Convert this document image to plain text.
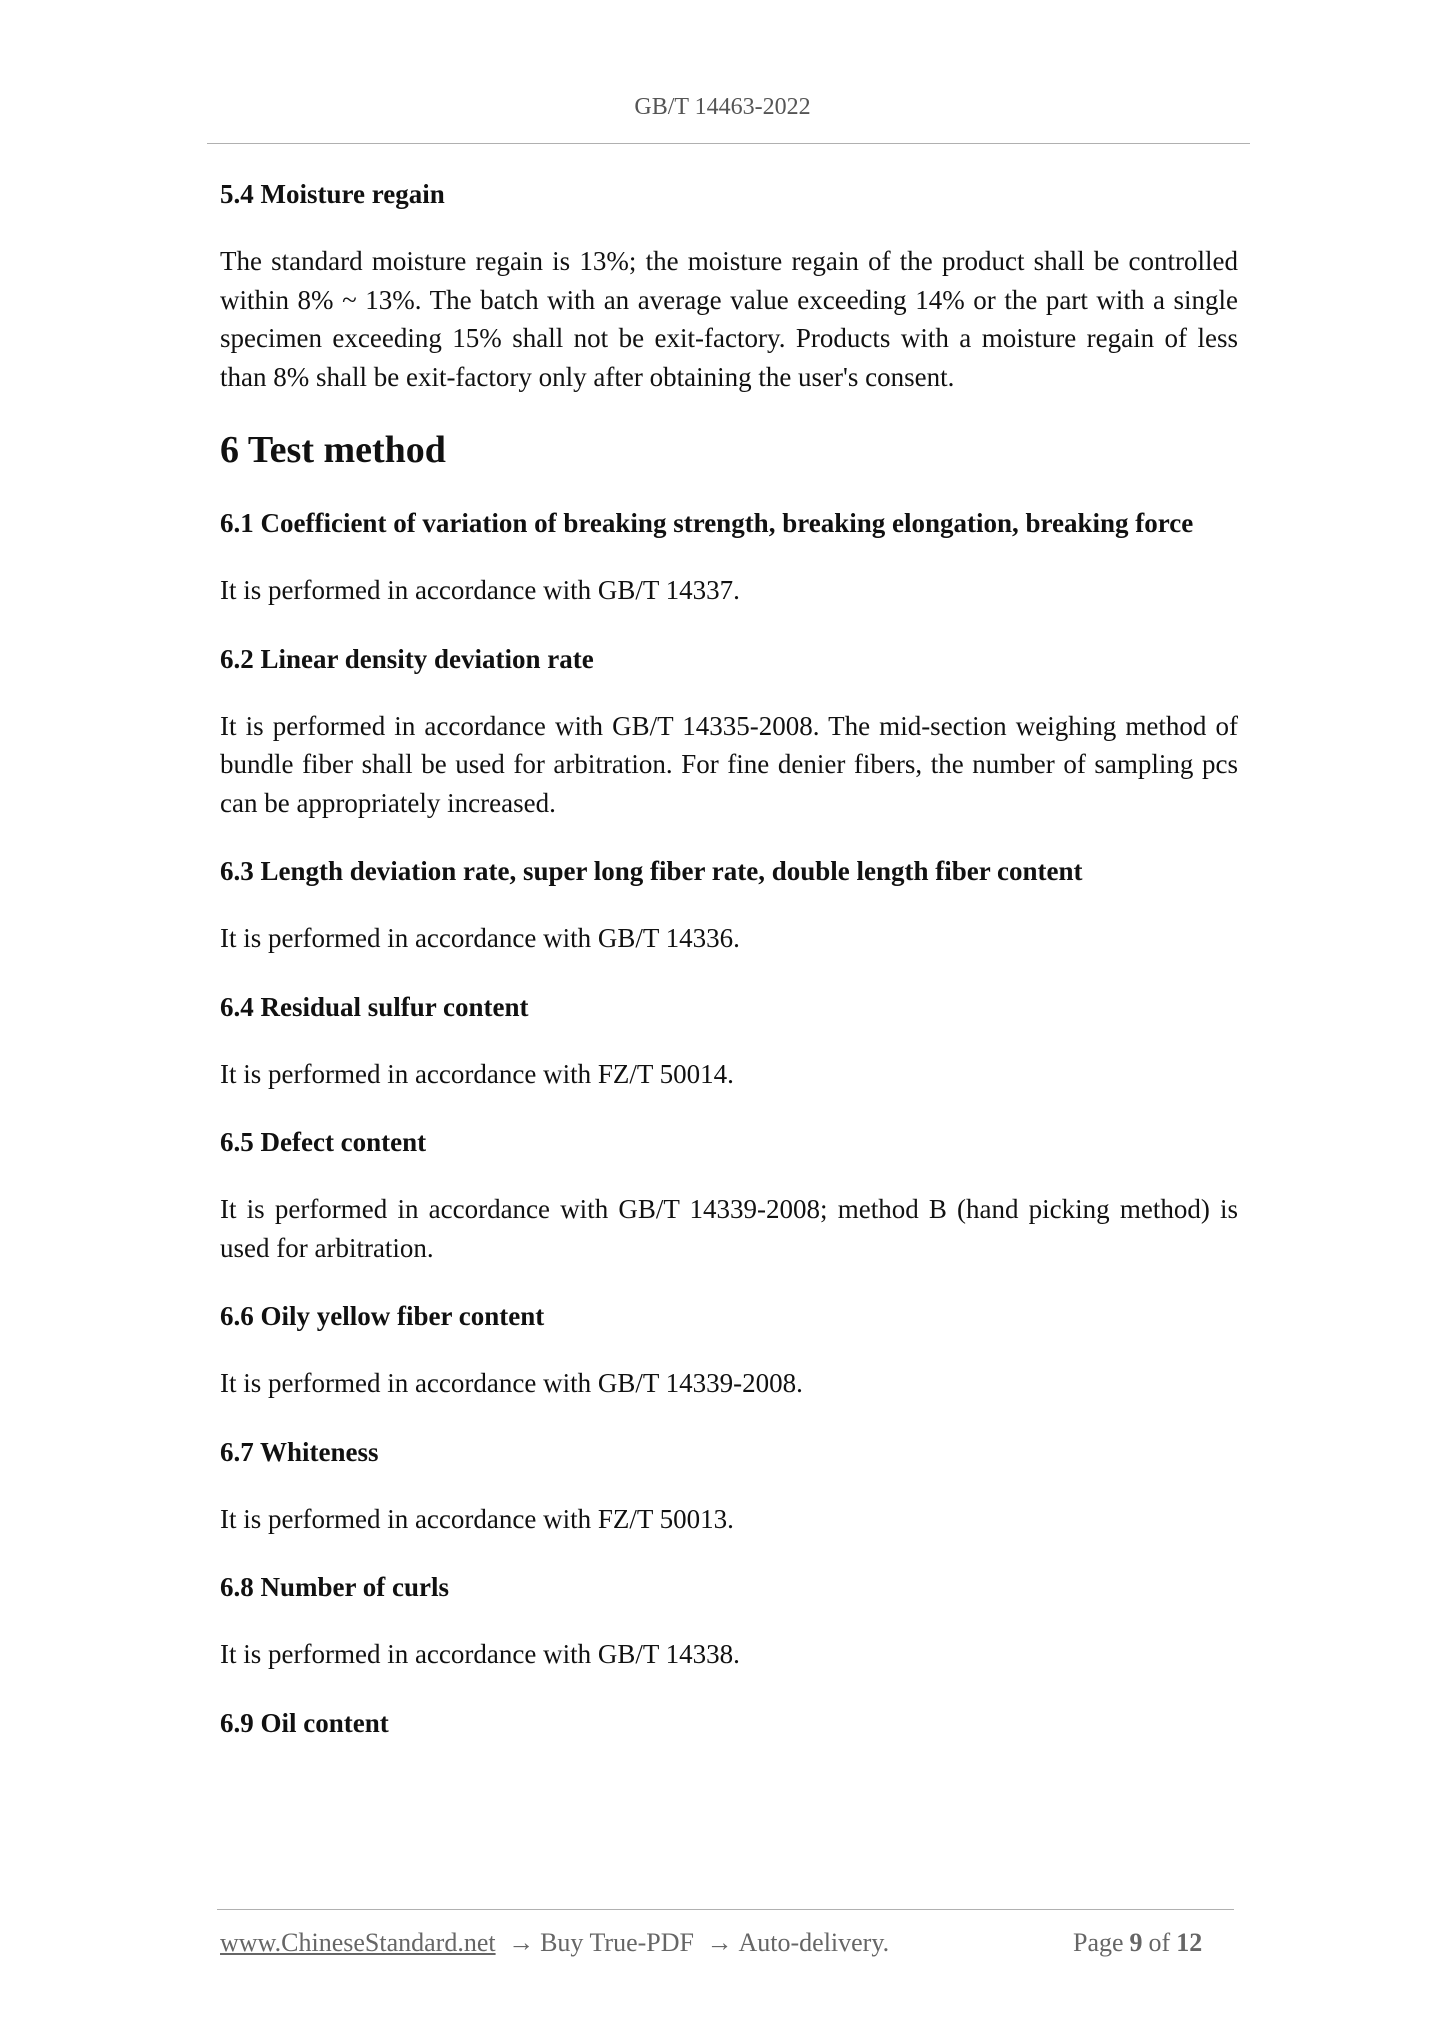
GB/T 14463-2022
5.4 Moisture regain
The standard moisture regain is 13%; the moisture regain of the product shall be controlled within 8% ~ 13%. The batch with an average value exceeding 14% or the part with a single specimen exceeding 15% shall not be exit-factory. Products with a moisture regain of less than 8% shall be exit-factory only after obtaining the user's consent.
6 Test method
6.1 Coefficient of variation of breaking strength, breaking elongation, breaking force
It is performed in accordance with GB/T 14337.
6.2 Linear density deviation rate
It is performed in accordance with GB/T 14335-2008. The mid-section weighing method of bundle fiber shall be used for arbitration. For fine denier fibers, the number of sampling pcs can be appropriately increased.
6.3 Length deviation rate, super long fiber rate, double length fiber content
It is performed in accordance with GB/T 14336.
6.4 Residual sulfur content
It is performed in accordance with FZ/T 50014.
6.5 Defect content
It is performed in accordance with GB/T 14339-2008; method B (hand picking method) is used for arbitration.
6.6 Oily yellow fiber content
It is performed in accordance with GB/T 14339-2008.
6.7 Whiteness
It is performed in accordance with FZ/T 50013.
6.8 Number of curls
It is performed in accordance with GB/T 14338.
6.9 Oil content
www.ChineseStandard.net → Buy True-PDF → Auto-delivery.	Page 9 of 12
